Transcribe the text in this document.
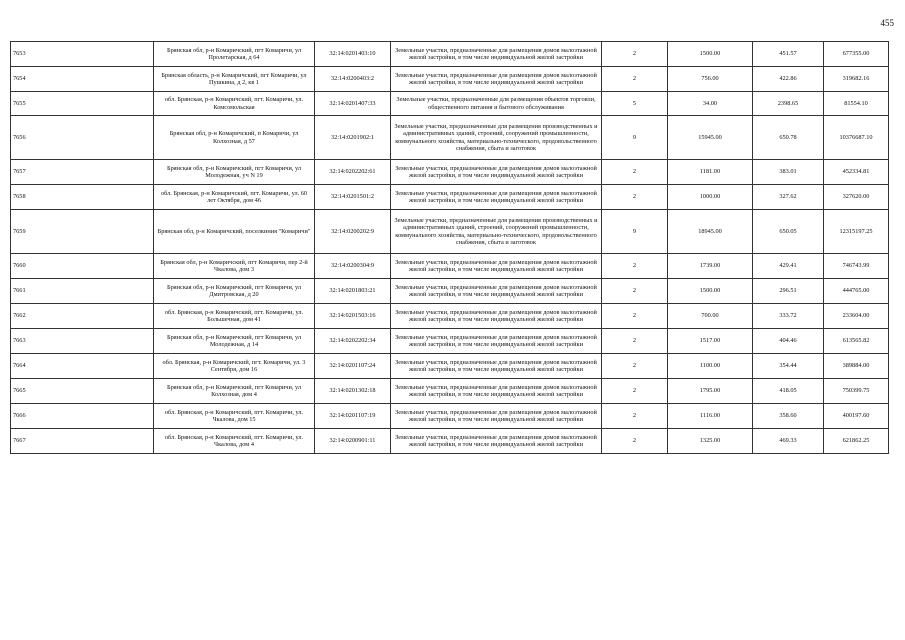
455
7653	Брянская обл, р-н Комаричский, пгт Комаричи, ул Пролетарская, д 64	32:14:0201403:10	Земельные участки, предназначенные для размещения домов малоэтажной жилой застройки, в том числе индивидуальной жилой застройки	2	1500.00	451.57	677355.00
7654	Брянская область, р-н Комаричский, пгт Комаричи, ул Пушкина, д 2, кв 1	32:14:0200403:2	Земельные участки, предназначенные для размещения домов малоэтажной жилой застройки, в том числе индивидуальной жилой застройки	2	756.00	422.86	319682.16
7655	обл. Брянская, р-н Комаричский, пгт. Комаричи, ул. Комсомольская	32:14:0201407:33	Земельные участки, предназначенные для размещения объектов торговли, общественного питания и бытового обслуживания	5	34.00	2398.65	81554.10
7656	Брянская обл, р-н Комаричский, п Комаричи, ул Колхозная, д 57	32:14:0201902:1	Земельные участки, предназначенные для размещения производственных и административных зданий, строений, сооружений промышленности, коммунального хозяйства, материально-технического, продовольственного снабжения, сбыта и заготовок	9	15945.00	650.78	10376687.10
7657	Брянская обл, р-н Комаричский, пгт Комаричи, ул Молодежная, уч N 19	32:14:0202202:61	Земельные участки, предназначенные для размещения домов малоэтажной жилой застройки, в том числе индивидуальной жилой застройки	2	1181.00	383.01	452334.81
7658	обл. Брянская, р-н Комаричский, пгт. Комаричи, ул. 60 лет Октября, дом 46	32:14:0201501:2	Земельные участки, предназначенные для размещения домов малоэтажной жилой застройки, в том числе индивидуальной жилой застройки	2	1000.00	327.62	327620.00
7659	Брянская обл, р-н Комаричский, поселкиния "Комаричи"	32:14:0200202:9	Земельные участки, предназначенные для размещения производственных и административных зданий, строений, сооружений промышленности, коммунального хозяйства, материально-технического, продовольственного снабжения, сбыта и заготовок	9	18945.00	650.05	12315197.25
7660	Брянская обл, р-н Комаричский, пгт Комаричи, пер 2-й Чкалова, дом 3	32:14:0200304:9	Земельные участки, предназначенные для размещения домов малоэтажной жилой застройки, в том числе индивидуальной жилой застройки	2	1739.00	429.41	746743.99
7661	Брянская обл, р-н Комаричский, пгт Комаричи, ул Дмитровская, д 20	32:14:0201803:21	Земельные участки, предназначенные для размещения домов малоэтажной жилой застройки, в том числе индивидуальной жилой застройки	2	1500.00	296.51	444765.00
7662	обл. Брянская, р-н Комаричский, пгт. Комаричи, ул. Большечная, дом 41	32:14:0201503:16	Земельные участки, предназначенные для размещения домов малоэтажной жилой застройки, в том числе индивидуальной жилой застройки	2	700.00	333.72	233604.00
7663	Брянская обл, р-н Комаричский, пгт Комаричи, ул Молодежная, д 14	32:14:0202202:34	Земельные участки, предназначенные для размещения домов малоэтажной жилой застройки, в том числе индивидуальной жилой застройки	2	1517.00	404.46	613565.82
7664	обл. Брянская, р-н Комаричский, пгт. Комаричи, ул. 3 Сентября, дом 16	32:14:0201107:24	Земельные участки, предназначенные для размещения домов малоэтажной жилой застройки, в том числе индивидуальной жилой застройки	2	1100.00	354.44	389884.00
7665	Брянская обл, р-н Комаричский, пгт Комаричи, ул Колхозная, дом 4	32:14:0201302:18	Земельные участки, предназначенные для размещения домов малоэтажной жилой застройки, в том числе индивидуальной жилой застройки	2	1795.00	418.05	750399.75
7666	обл. Брянская, р-н Комаричский, пгт. Комаричи, ул. Чкалова, дом 15	32:14:0201107:19	Земельные участки, предназначенные для размещения домов малоэтажной жилой застройки, в том числе индивидуальной жилой застройки	2	1116.00	358.60	400197.60
7667	обл. Брянская, р-н Комаричский, пгт. Комаричи, ул. Чкалова, дом 4	32:14:0200901:11	Земельные участки, предназначенные для размещения домов малоэтажной жилой застройки, в том числе индивидуальной жилой застройки	2	1325.00	469.33	621862.25
